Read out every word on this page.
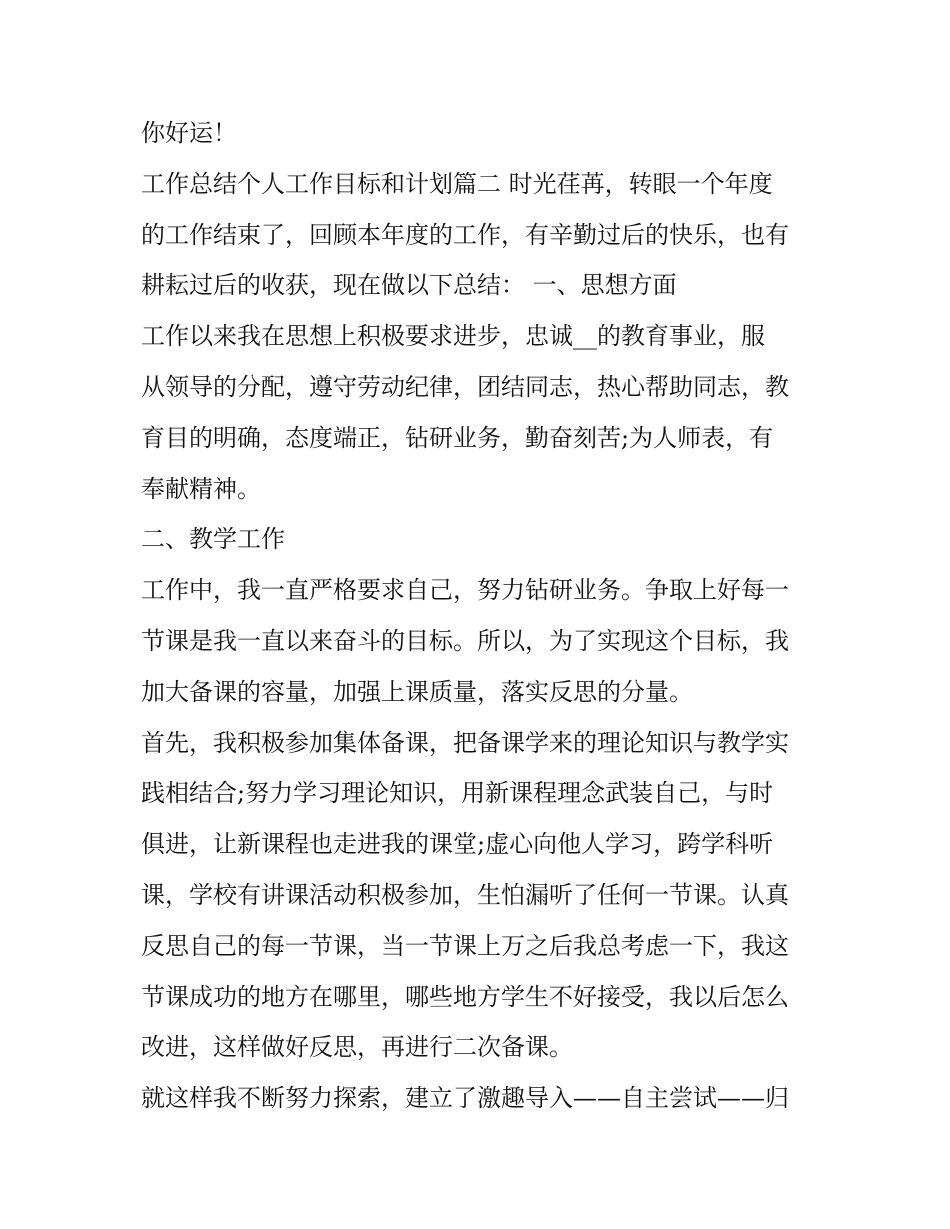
你好运！
工作总结个人工作目标和计划篇二 时光荏苒，转眼一个年度
的工作结束了，回顾本年度的工作，有辛勤过后的快乐，也有
耕耘过后的收获，现在做以下总结： 一、思想方面
工作以来我在思想上积极要求进步，忠诚__的教育事业，服
从领导的分配，遵守劳动纪律，团结同志，热心帮助同志，教
育目的明确，态度端正，钻研业务，勤奋刻苦;为人师表，有
奉献精神。
二、教学工作
工作中，我一直严格要求自己，努力钻研业务。争取上好每一
节课是我一直以来奋斗的目标。所以，为了实现这个目标，我
加大备课的容量，加强上课质量，落实反思的分量。
首先，我积极参加集体备课，把备课学来的理论知识与教学实
践相结合;努力学习理论知识，用新课程理念武装自己，与时
俱进，让新课程也走进我的课堂;虚心向他人学习，跨学科听
课，学校有讲课活动积极参加，生怕漏听了任何一节课。认真
反思自己的每一节课，当一节课上万之后我总考虑一下，我这
节课成功的地方在哪里，哪些地方学生不好接受，我以后怎么
改进，这样做好反思，再进行二次备课。
就这样我不断努力探索，建立了激趣导入——自主尝试——归
